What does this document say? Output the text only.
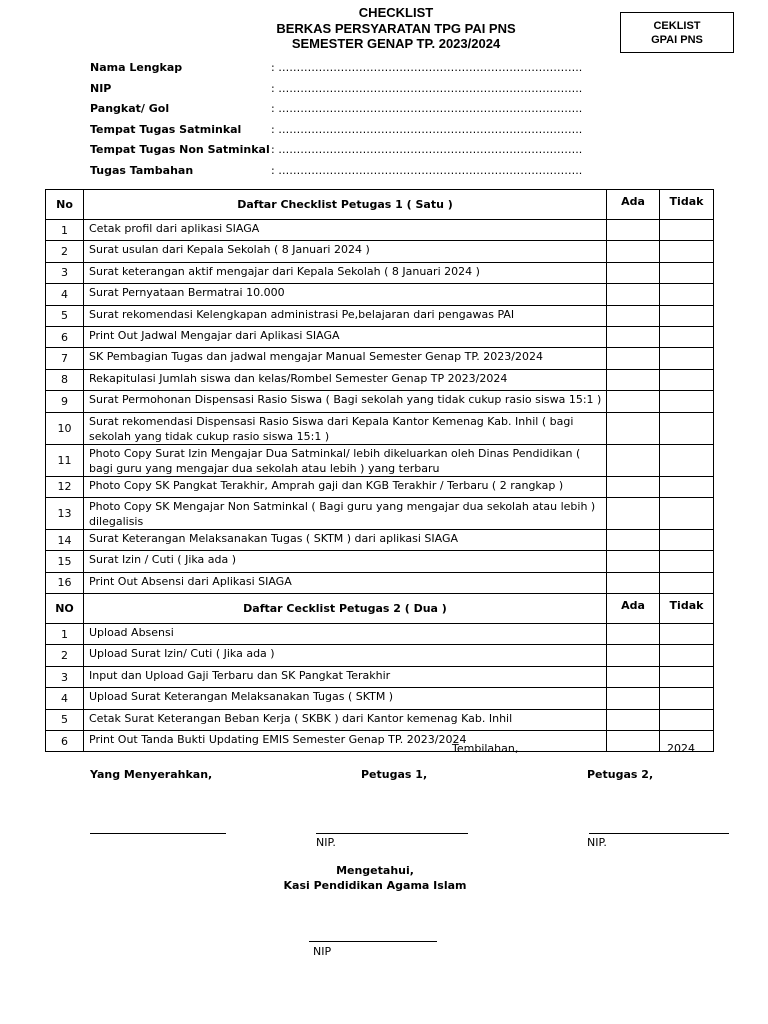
CHECKLIST
BERKAS PERSYARATAN TPG PAI PNS
SEMESTER GENAP TP. 2023/2024
CEKLIST
GPAI PNS
Nama Lengkap	: ………………………………………………………………………..
NIP	: ………………………………………………………………………..
Pangkat/ Gol	: ………………………………………………………………………..
Tempat Tugas Satminkal	: ………………………………………………………………………..
Tempat Tugas Non Satminkal : ………………………………………………………………………..
Tugas Tambahan	: ………………………………………………………………………..
No	Daftar Checklist Petugas 1 ( Satu )	Ada	Tidak
1	Cetak profil dari aplikasi SIAGA		
2	Surat usulan dari Kepala Sekolah ( 8 Januari 2024 )		
3	Surat keterangan aktif mengajar dari Kepala Sekolah ( 8 Januari 2024 )		
4	Surat Pernyataan Bermatrai 10.000		
5	Surat rekomendasi Kelengkapan administrasi Pe,belajaran dari pengawas PAI		
6	Print Out Jadwal Mengajar dari Aplikasi SIAGA		
7	SK Pembagian Tugas dan jadwal mengajar Manual Semester Genap TP. 2023/2024		
8	Rekapitulasi Jumlah siswa dan kelas/Rombel Semester Genap TP 2023/2024		
9	Surat Permohonan Dispensasi Rasio Siswa ( Bagi sekolah yang tidak cukup rasio siswa 15:1 )		
10	Surat rekomendasi Dispensasi Rasio Siswa dari Kepala Kantor Kemenag Kab. Inhil ( bagi sekolah yang tidak cukup rasio siswa 15:1 )		
11	Photo Copy Surat Izin Mengajar Dua Satminkal/ lebih dikeluarkan oleh Dinas Pendidikan ( bagi guru yang mengajar dua sekolah atau lebih ) yang terbaru		
12	Photo Copy SK Pangkat Terakhir, Amprah gaji dan KGB Terakhir / Terbaru ( 2 rangkap )		
13	Photo Copy SK Mengajar Non Satminkal ( Bagi guru yang mengajar dua sekolah atau lebih ) dilegalisis		
14	Surat Keterangan Melaksanakan Tugas ( SKTM ) dari aplikasi SIAGA		
15	Surat Izin / Cuti ( Jika ada )		
16	Print Out Absensi dari Aplikasi SIAGA		
NO	Daftar Cecklist Petugas 2 ( Dua )	Ada	Tidak
1	Upload Absensi		
2	Upload Surat Izin/ Cuti ( Jika ada )		
3	Input dan Upload Gaji Terbaru dan SK Pangkat Terakhir		
4	Upload Surat Keterangan Melaksanakan Tugas ( SKTM )		
5	Cetak Surat Keterangan Beban Kerja ( SKBK ) dari Kantor kemenag Kab. Inhil		
6	Print Out Tanda Bukti Updating EMIS Semester Genap TP. 2023/2024		
Tembilahan,	2024
Yang Menyerahkan,	Petugas 1,	Petugas 2,
NIP.	NIP.
Mengetahui,
Kasi Pendidikan Agama Islam
NIP
